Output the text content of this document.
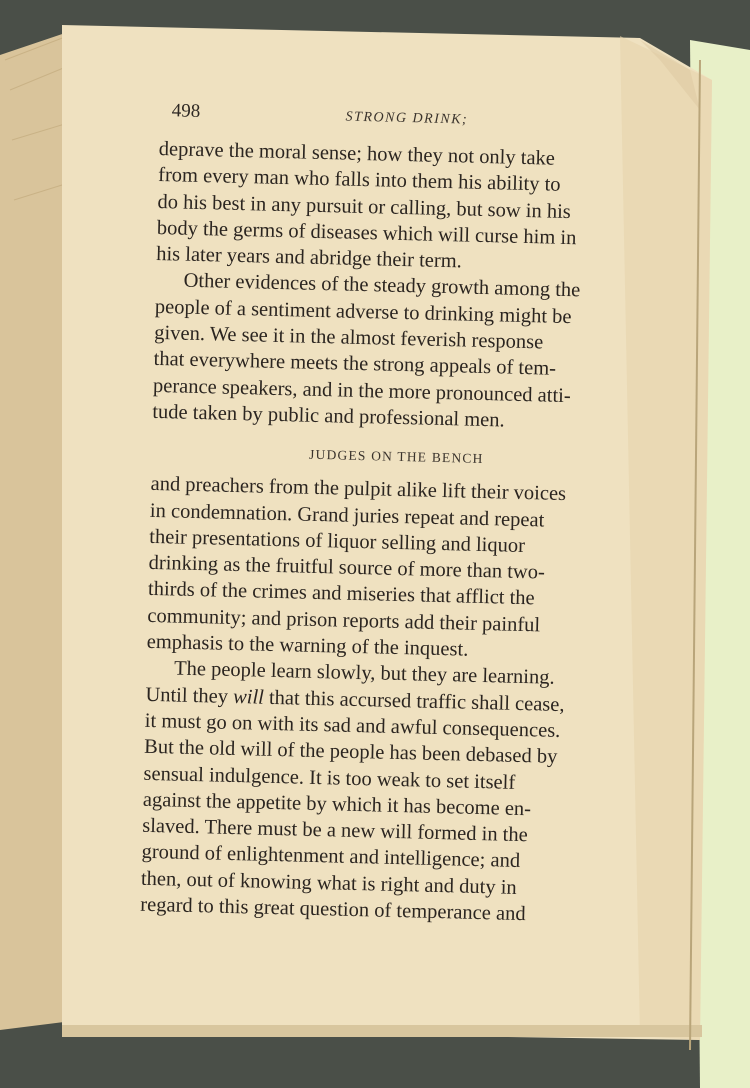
498	STRONG DRINK;

deprave the moral sense; how they not only take
from every man who falls into them his ability to
do his best in any pursuit or calling, but sow in his
body the germs of diseases which will curse him in
his later years and abridge their term.

Other evidences of the steady growth among the
people of a sentiment adverse to drinking might be
given. We see it in the almost feverish response
that everywhere meets the strong appeals of tem-
perance speakers, and in the more pronounced atti-
tude taken by public and professional men.

JUDGES ON THE BENCH

and preachers from the pulpit alike lift their voices
in condemnation. Grand juries repeat and repeat
their presentations of liquor selling and liquor
drinking as the fruitful source of more than two-
thirds of the crimes and miseries that afflict the
community; and prison reports add their painful
emphasis to the warning of the inquest.

The people learn slowly, but they are learning.
Until they will that this accursed traffic shall cease,
it must go on with its sad and awful consequences.
But the old will of the people has been debased by
sensual indulgence. It is too weak to set itself
against the appetite by which it has become en-
slaved. There must be a new will formed in the
ground of enlightenment and intelligence; and
then, out of knowing what is right and duty in
regard to this great question of temperance and
